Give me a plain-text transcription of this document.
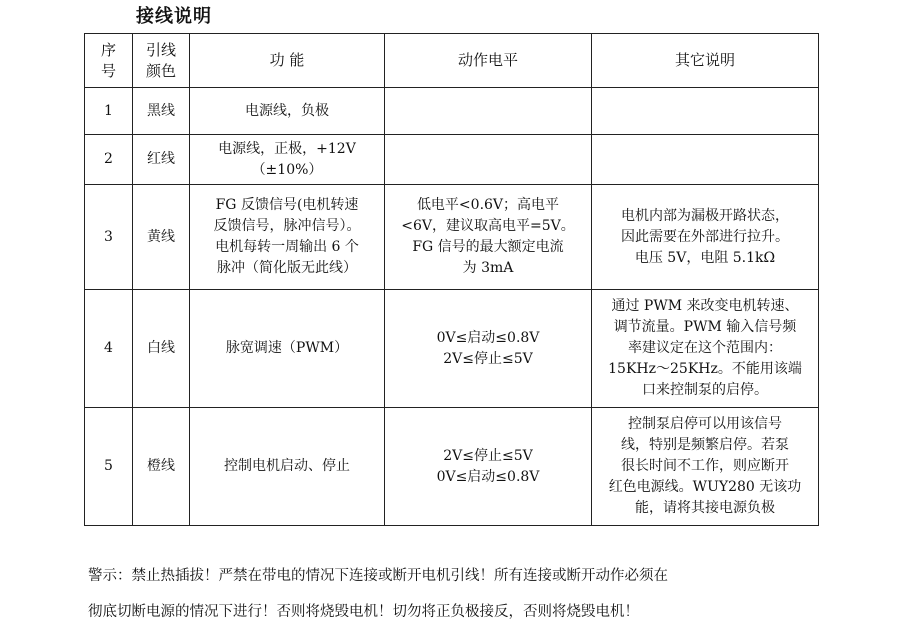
接线说明
序
号	引线
颜色	功 能	动作电平	其它说明
1	黑线	电源线，负极		

2	红线	电源线，正极，+12V
（±10%）		

3	黄线	FG 反馈信号(电机转速
反馈信号，脉冲信号）。
电机每转一周输出 6 个
脉冲（简化版无此线）	低电平<0.6V；高电平
<6V，建议取高电平=5V。
FG 信号的最大额定电流
为 3mA	电机内部为漏极开路状态，
因此需要在外部进行拉升。
电压 5V，电阻 5.1kΩ

4	白线	脉宽调速（PWM）	0V≤启动≤0.8V
2V≤停止≤5V	通过 PWM 来改变电机转速、
调节流量。PWM 输入信号频
率建议定在这个范围内：
15KHz～25KHz。不能用该端
口来控制泵的启停。

5	橙线	控制电机启动、停止	2V≤停止≤5V
0V≤启动≤0.8V	控制泵启停可以用该信号
线，特别是频繁启停。若泵
很长时间不工作，则应断开
红色电源线。WUY280 无该功
能，请将其接电源负极
警示：禁止热插拔！严禁在带电的情况下连接或断开电机引线！所有连接或断开动作必须在
彻底切断电源的情况下进行！否则将烧毁电机！切勿将正负极接反，否则将烧毁电机！
